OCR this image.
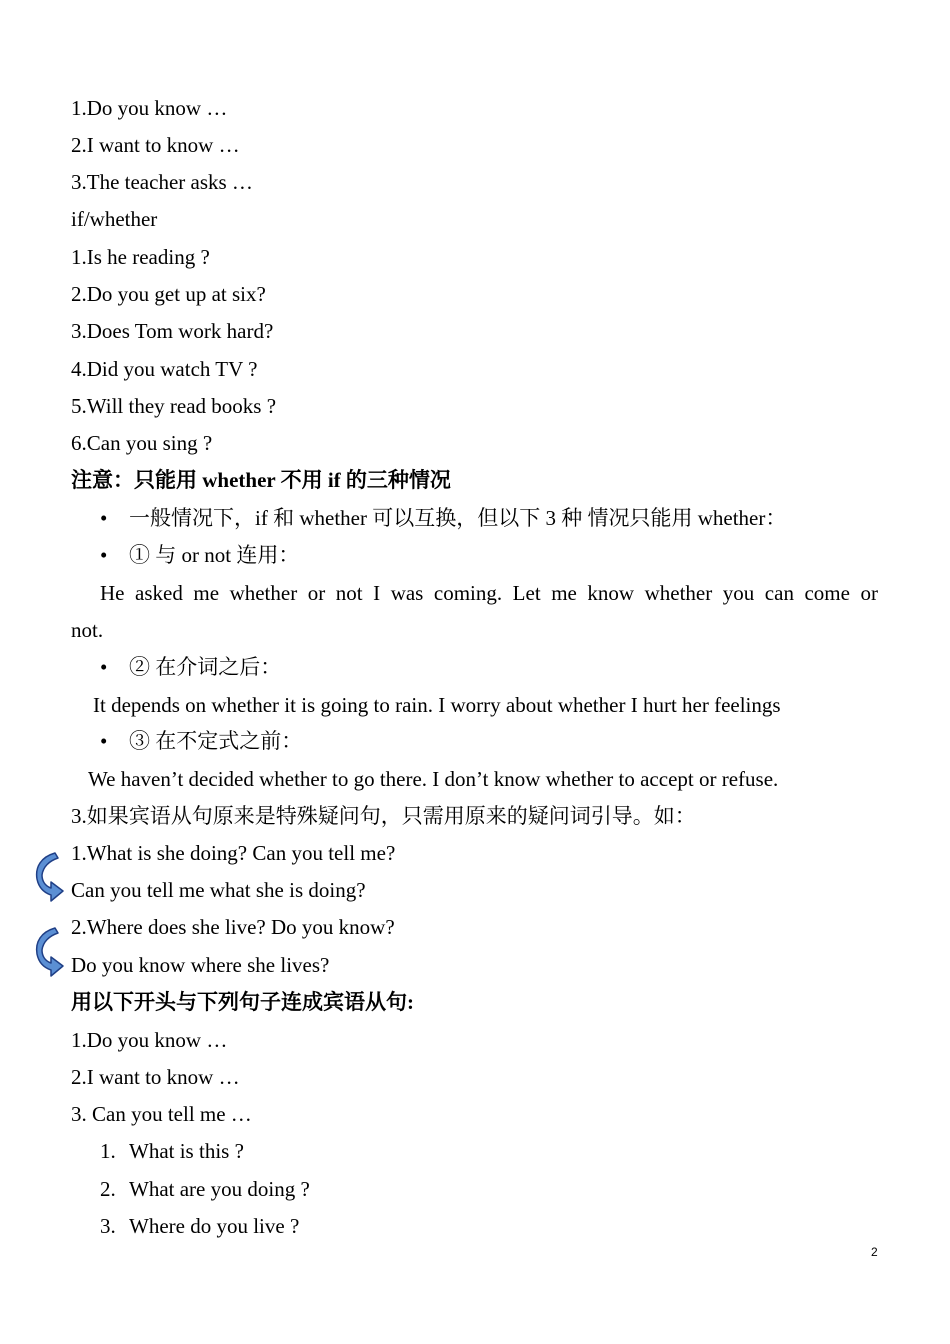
1.Do you know …
2.I want to know …
3.The teacher asks …
if/whether
1.Is he reading ?
2.Do you get up at six?
3.Does Tom work hard?
4.Did you watch TV ?
5.Will they read books ?
6.Can you sing ?
注意：只能用 whether 不用 if 的三种情况
• 一般情况下，if 和 whether 可以互换，但以下 3 种 情况只能用 whether：
• ① 与 or not 连用：
He asked me whether or not I was coming. Let me know whether you can come or
not.
• ② 在介词之后：
It depends on whether it is going to rain. I worry about whether I hurt her feelings
• ③ 在不定式之前：
We haven’t decided whether to go there. I don’t know whether to accept or refuse.
3.如果宾语从句原来是特殊疑问句，只需用原来的疑问词引导。如：
1.What is she doing? Can you tell me?
Can you tell me what she is doing?
2.Where does she live? Do you know?
Do you know where she lives?
用以下开头与下列句子连成宾语从句:
1.Do you know …
2.I want to know …
3. Can you tell me …
1. What is this ?
2. What are you doing ?
3. Where do you live ?
2
